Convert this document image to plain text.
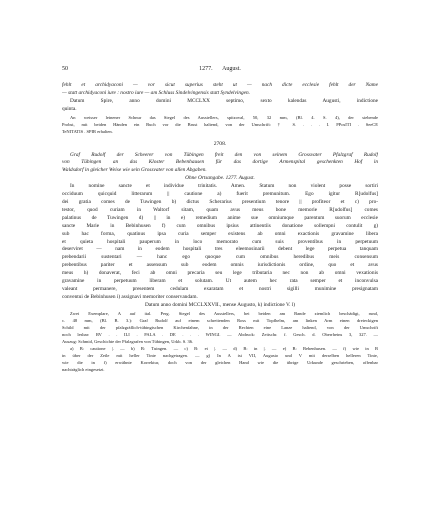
50	1277. August.
fehlt et archidyaconi — vor sicut superius steht ut — nach dicte ecclesie fehlt der Name
— statt archidyaconi iure : nostro iure — am Schluss Sindelvingensis statt Syndelvingen.
Datum Spire, anno domini MCCLXX septimo, sexto kalendas Augusti, indictione
quinta.
An weisser leinener Schnur das Siegel des Ausstellers, spitzoval, 50, 32 mm, (Bl. 4. S. 4), der siebende
Probst, mit beiden Händen ein Buch vor die Brust haltend, von der Umschrift: † S. . . . I. PPosITI . SeeCE
TeNITATIS . SPIR erhalten.
2708.
Graf Rudolf der Scheerer von Tübingen freit den von seinem Grossvater Pfalzgraf Rudolf
von Tübingen an das Kloster Bebenhausen für das dortige Armenspital geschenkten Hof in
Waldsdorf in gleicher Weise wie sein Grossvater von allen Abgaben.
Ohne Ortsangabe. 1277. August.
In nomine sancte et individue trinitatis. Amen. Statum non violent posse sortiri
occiduum quicquid litterarum || cautione a) fuerit premunitum. Ego igitur R[udolfus]
dei gratia comes de Tuwingen b) dictus Scherarius presentium tenore || profiteor et c) pro-
testor, quod curiam in Waltorf sitam, quam avus meus bone memorie R[udolfus] comes
palatinus de Tuwingen d) || in e) remedium anime sue omniumque parentum suorum ecclesie
sancte Marie in Bebinhusen f) cum omnibus ipsius attinentiis donatione sollempni contulit g)
sub hac forma, quatinus ipsa curia semper existens ab omni exactionis gravamine libera
et quieta hospitali pauperum in loco memorato cum suis proventibus in perpetuum
deserviret — nam in eodem hospitali tres eleemosinarii debent lege perpetua tanquam
prebendarii sustentari — hanc ego quoque cum omnibus heredibus meis consensum
prebentibus pariter et assensum sub eodem omnis iurisdictionis ordine, quo et avus
meus h) donaverat, feci ab omni precaria seu lege tributaria nec non ab omni vexationis
gravamine in perpetuum liberam et solutam. Ut autem hec rata semper et inconvulsa
valeant permanere, presentem cedulam exaratam et nostri sigilli munimine presignatam
conventui de Bebinhusen i) assignavi memoriter conservandam.
Datum anno domini MCCLXXVII., mense Augusto, k) indictione V. l)
Zwei Exemplare, A auf ital. Perg. Siegel des Ausstellers, bei beiden am Bande ziemlich beschädigt, rund,
c. 48 mm, (Bl. B. 3.): Graf Rudolf auf einem schreitenden Ross mit Topfhelm, am linken Arm einen dreieckigen
Schild mit der pfalzgräflich-tübingischen Kirchenfahne, in der Rechten eine Lanze haltend, von der Umschrift
noch lesbar: RV . . ILI . PALA . DE . . . WINGI. — Abdruck: Zeitschr. f. Gesch. d. Oberrheins 3, 327. —
Auszug: Schmid, Geschichte der Pfalzgrafen von Tübingen, Urkb. S. 36.
a) B: cautione |. — b) B: Tuingen. — c) B: et |. — d) B: in |. — e) B: Bebenhusen. — f) wie in B
in über der Zeile mit heller Tinte nachgetragen. — g) In A ist VII, Augusto und V mit derselben helleren Tinte,
wie die in f) erwähnte Korrektur, doch von der gleichen Hand wie die übrige Urkunde geschrieben, offenbar
nachträglich eingesetzt.
